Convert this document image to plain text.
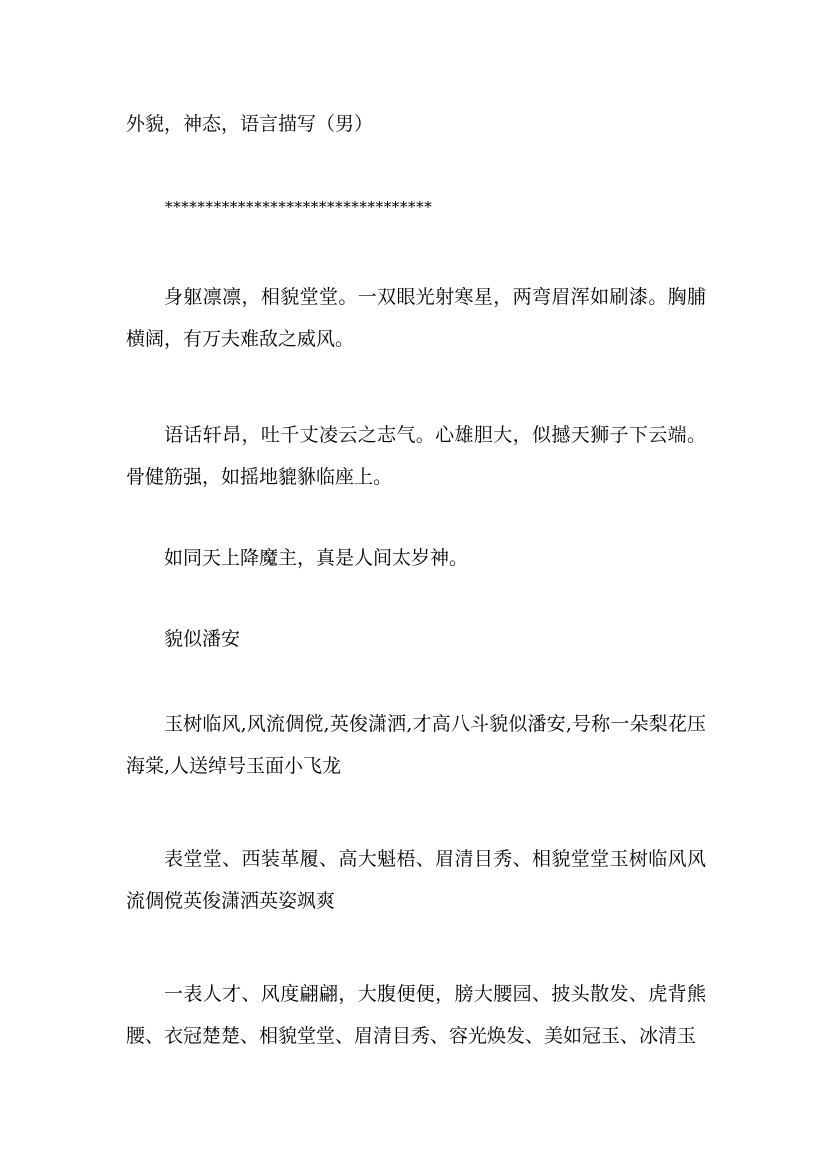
外貌，神态，语言描写（男）
*********************************

身躯凛凛，相貌堂堂。一双眼光射寒星，两弯眉浑如刷漆。胸脯横阔，有万夫难敌之威风。

语话轩昂，吐千丈凌云之志气。心雄胆大，似撼天狮子下云端。骨健筋强，如摇地貔貅临座上。

如同天上降魔主，真是人间太岁神。

貌似潘安

玉树临风,风流倜傥,英俊潇洒,才高八斗貌似潘安,号称一朵梨花压海棠,人送绰号玉面小飞龙

表堂堂、西装革履、高大魁梧、眉清目秀、相貌堂堂玉树临风风流倜傥英俊潇洒英姿飒爽

一表人才、风度翩翩，大腹便便，膀大腰园、披头散发、虎背熊腰、衣冠楚楚、相貌堂堂、眉清目秀、容光焕发、美如冠玉、冰清玉
